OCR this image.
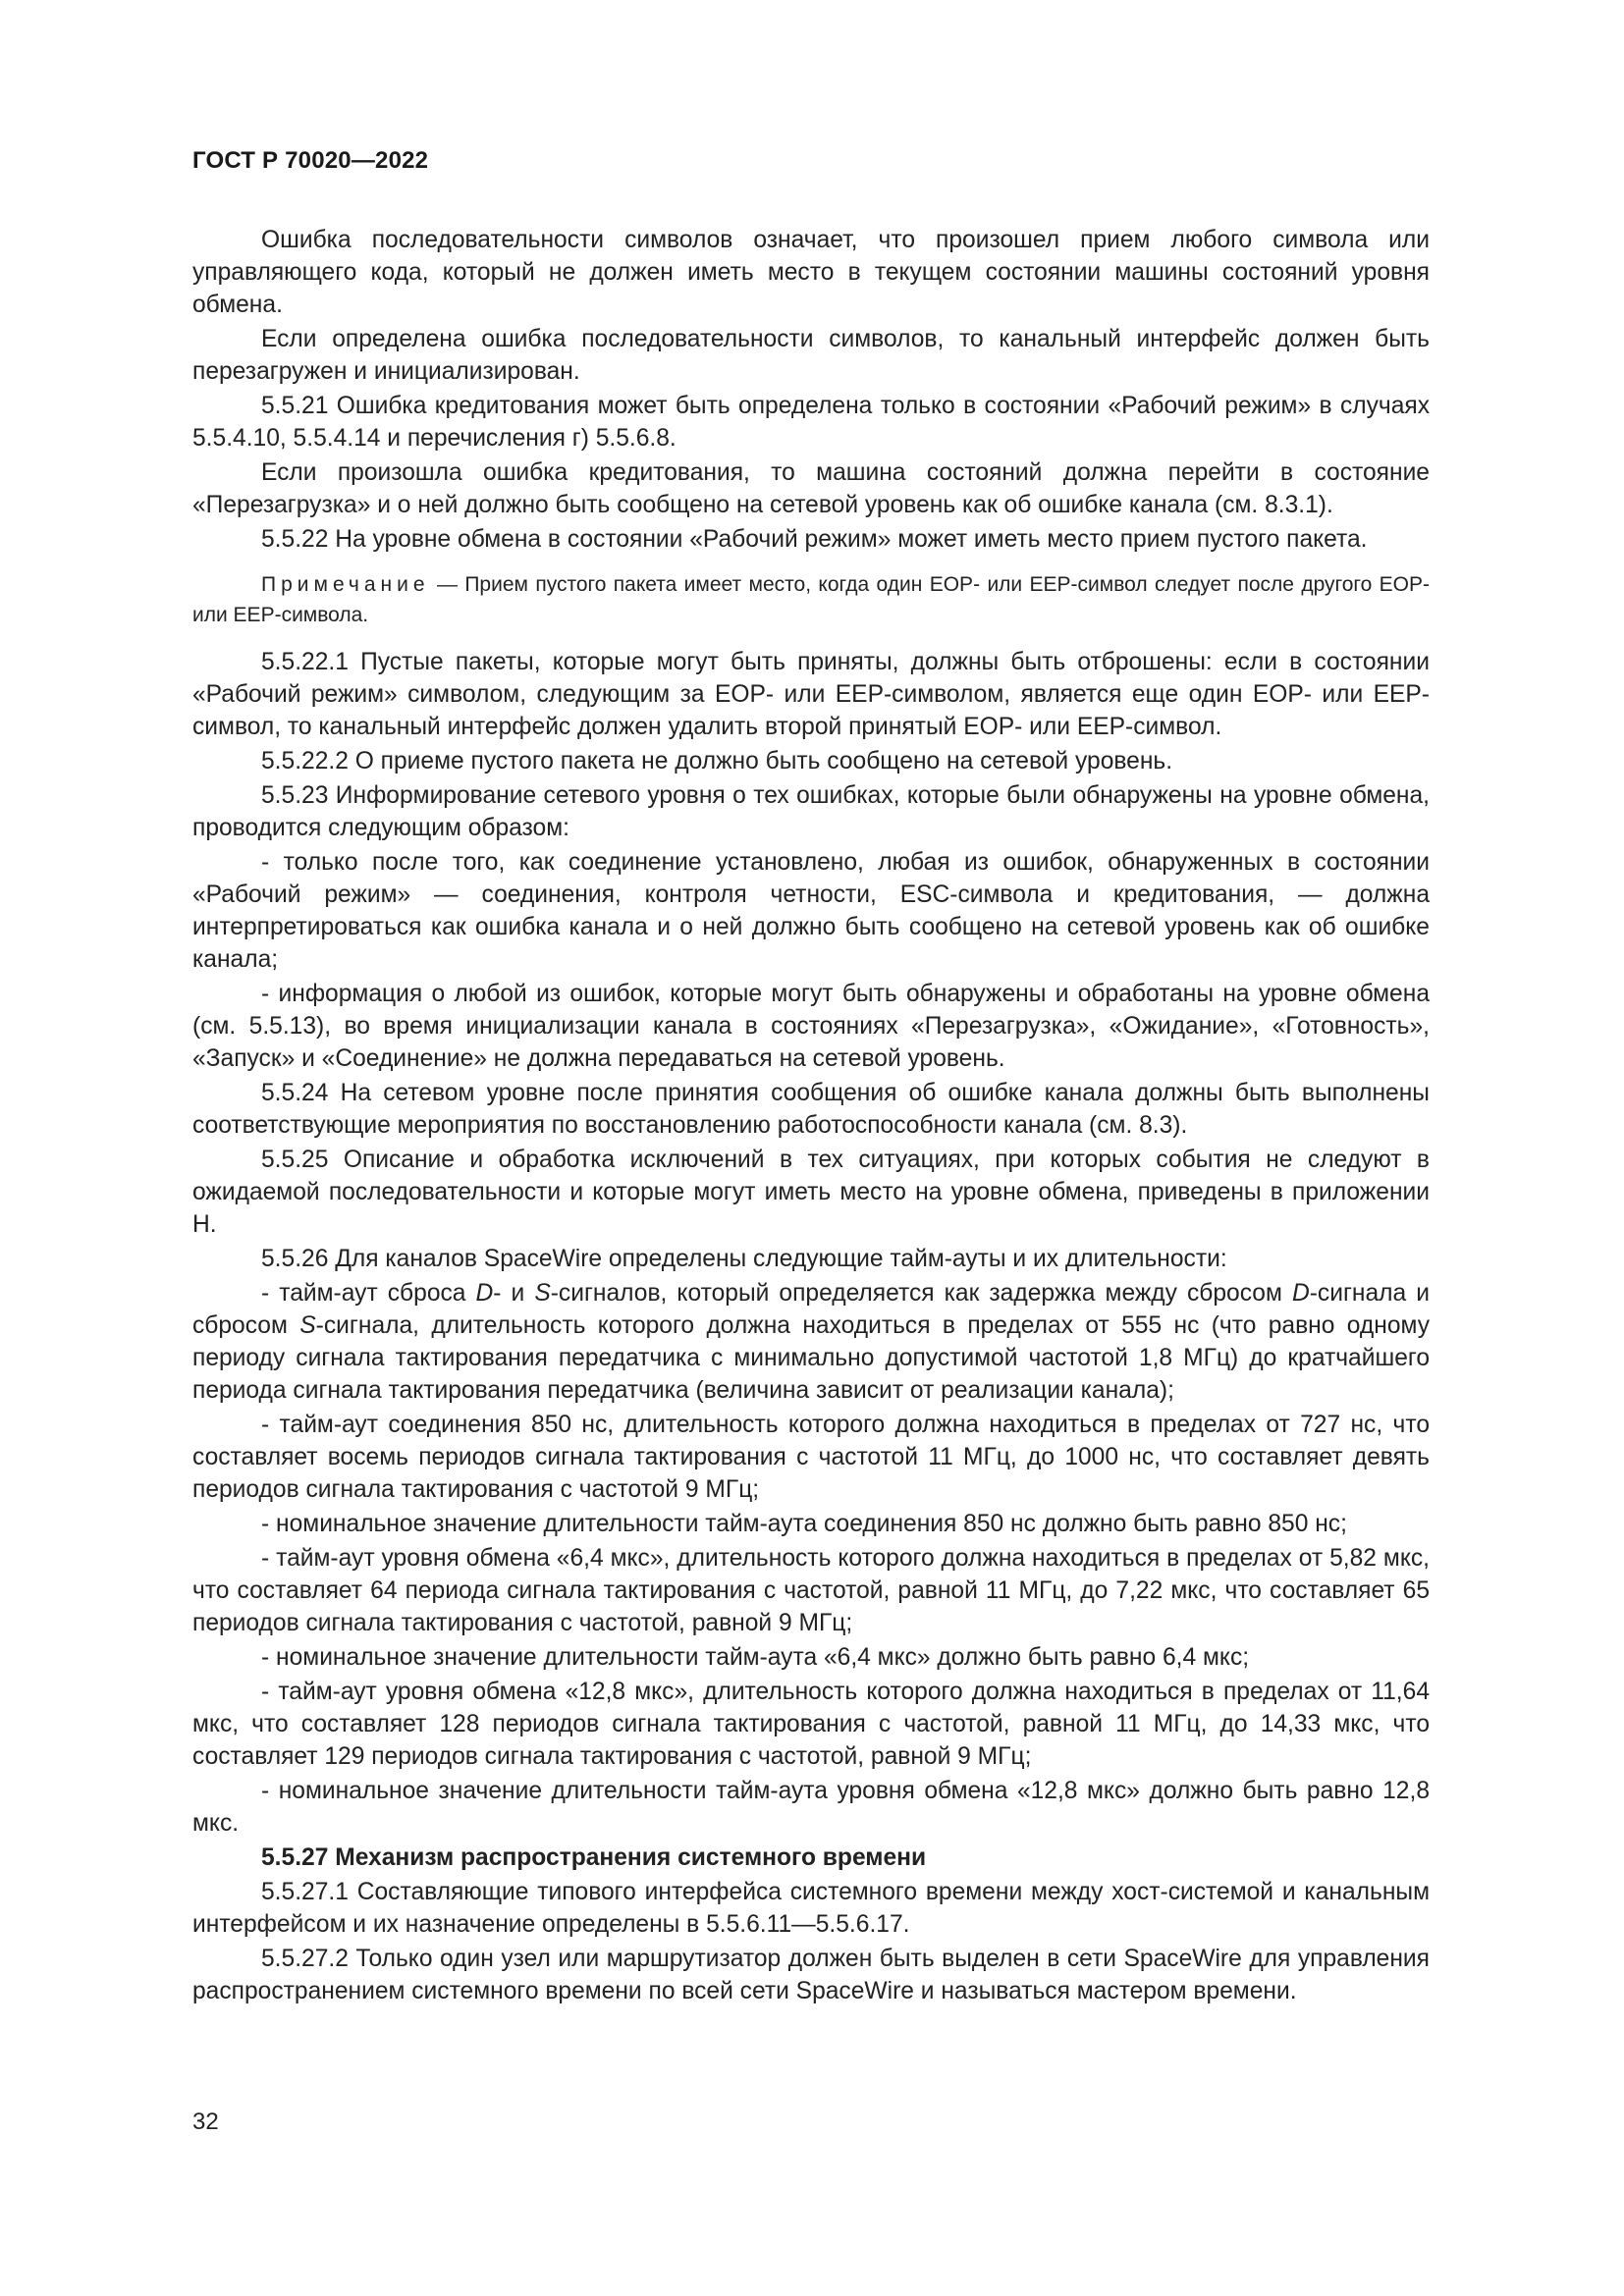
ГОСТ Р 70020—2022

Ошибка последовательности символов означает, что произошел прием любого символа или управляющего кода, который не должен иметь место в текущем состоянии машины состояний уровня обмена.

Если определена ошибка последовательности символов, то канальный интерфейс должен быть перезагружен и инициализирован.

5.5.21 Ошибка кредитования может быть определена только в состоянии «Рабочий режим» в случаях 5.5.4.10, 5.5.4.14 и перечисления г) 5.5.6.8.

Если произошла ошибка кредитования, то машина состояний должна перейти в состояние «Перезагрузка» и о ней должно быть сообщено на сетевой уровень как об ошибке канала (см. 8.3.1).

5.5.22 На уровне обмена в состоянии «Рабочий режим» может иметь место прием пустого пакета.

Примечание — Прием пустого пакета имеет место, когда один EOP- или EEP-символ следует после другого EOP- или EEP-символа.

5.5.22.1 Пустые пакеты, которые могут быть приняты, должны быть отброшены: если в состоянии «Рабочий режим» символом, следующим за EOP- или EEP-символом, является еще один EOP- или EEP-символ, то канальный интерфейс должен удалить второй принятый EOP- или EEP-символ.

5.5.22.2 О приеме пустого пакета не должно быть сообщено на сетевой уровень.

5.5.23 Информирование сетевого уровня о тех ошибках, которые были обнаружены на уровне обмена, проводится следующим образом:

- только после того, как соединение установлено, любая из ошибок, обнаруженных в состоянии «Рабочий режим» — соединения, контроля четности, ESC-символа и кредитования, — должна интерпретироваться как ошибка канала и о ней должно быть сообщено на сетевой уровень как об ошибке канала;

- информация о любой из ошибок, которые могут быть обнаружены и обработаны на уровне обмена (см. 5.5.13), во время инициализации канала в состояниях «Перезагрузка», «Ожидание», «Готовность», «Запуск» и «Соединение» не должна передаваться на сетевой уровень.

5.5.24 На сетевом уровне после принятия сообщения об ошибке канала должны быть выполнены соответствующие мероприятия по восстановлению работоспособности канала (см. 8.3).

5.5.25 Описание и обработка исключений в тех ситуациях, при которых события не следуют в ожидаемой последовательности и которые могут иметь место на уровне обмена, приведены в приложении Н.

5.5.26 Для каналов SpaceWire определены следующие тайм-ауты и их длительности:

- тайм-аут сброса D- и S-сигналов, который определяется как задержка между сбросом D-сигнала и сбросом S-сигнала, длительность которого должна находиться в пределах от 555 нс (что равно одному периоду сигнала тактирования передатчика с минимально допустимой частотой 1,8 МГц) до кратчайшего периода сигнала тактирования передатчика (величина зависит от реализации канала);

- тайм-аут соединения 850 нс, длительность которого должна находиться в пределах от 727 нс, что составляет восемь периодов сигнала тактирования с частотой 11 МГц, до 1000 нс, что составляет девять периодов сигнала тактирования с частотой 9 МГц;

- номинальное значение длительности тайм-аута соединения 850 нс должно быть равно 850 нс;

- тайм-аут уровня обмена «6,4 мкс», длительность которого должна находиться в пределах от 5,82 мкс, что составляет 64 периода сигнала тактирования с частотой, равной 11 МГц, до 7,22 мкс, что составляет 65 периодов сигнала тактирования с частотой, равной 9 МГц;

- номинальное значение длительности тайм-аута «6,4 мкс» должно быть равно 6,4 мкс;

- тайм-аут уровня обмена «12,8 мкс», длительность которого должна находиться в пределах от 11,64 мкс, что составляет 128 периодов сигнала тактирования с частотой, равной 11 МГц, до 14,33 мкс, что составляет 129 периодов сигнала тактирования с частотой, равной 9 МГц;

- номинальное значение длительности тайм-аута уровня обмена «12,8 мкс» должно быть равно 12,8 мкс.

5.5.27 Механизм распространения системного времени

5.5.27.1 Составляющие типового интерфейса системного времени между хост-системой и канальным интерфейсом и их назначение определены в 5.5.6.11—5.5.6.17.

5.5.27.2 Только один узел или маршрутизатор должен быть выделен в сети SpaceWire для управления распространением системного времени по всей сети SpaceWire и называться мастером времени.

32
